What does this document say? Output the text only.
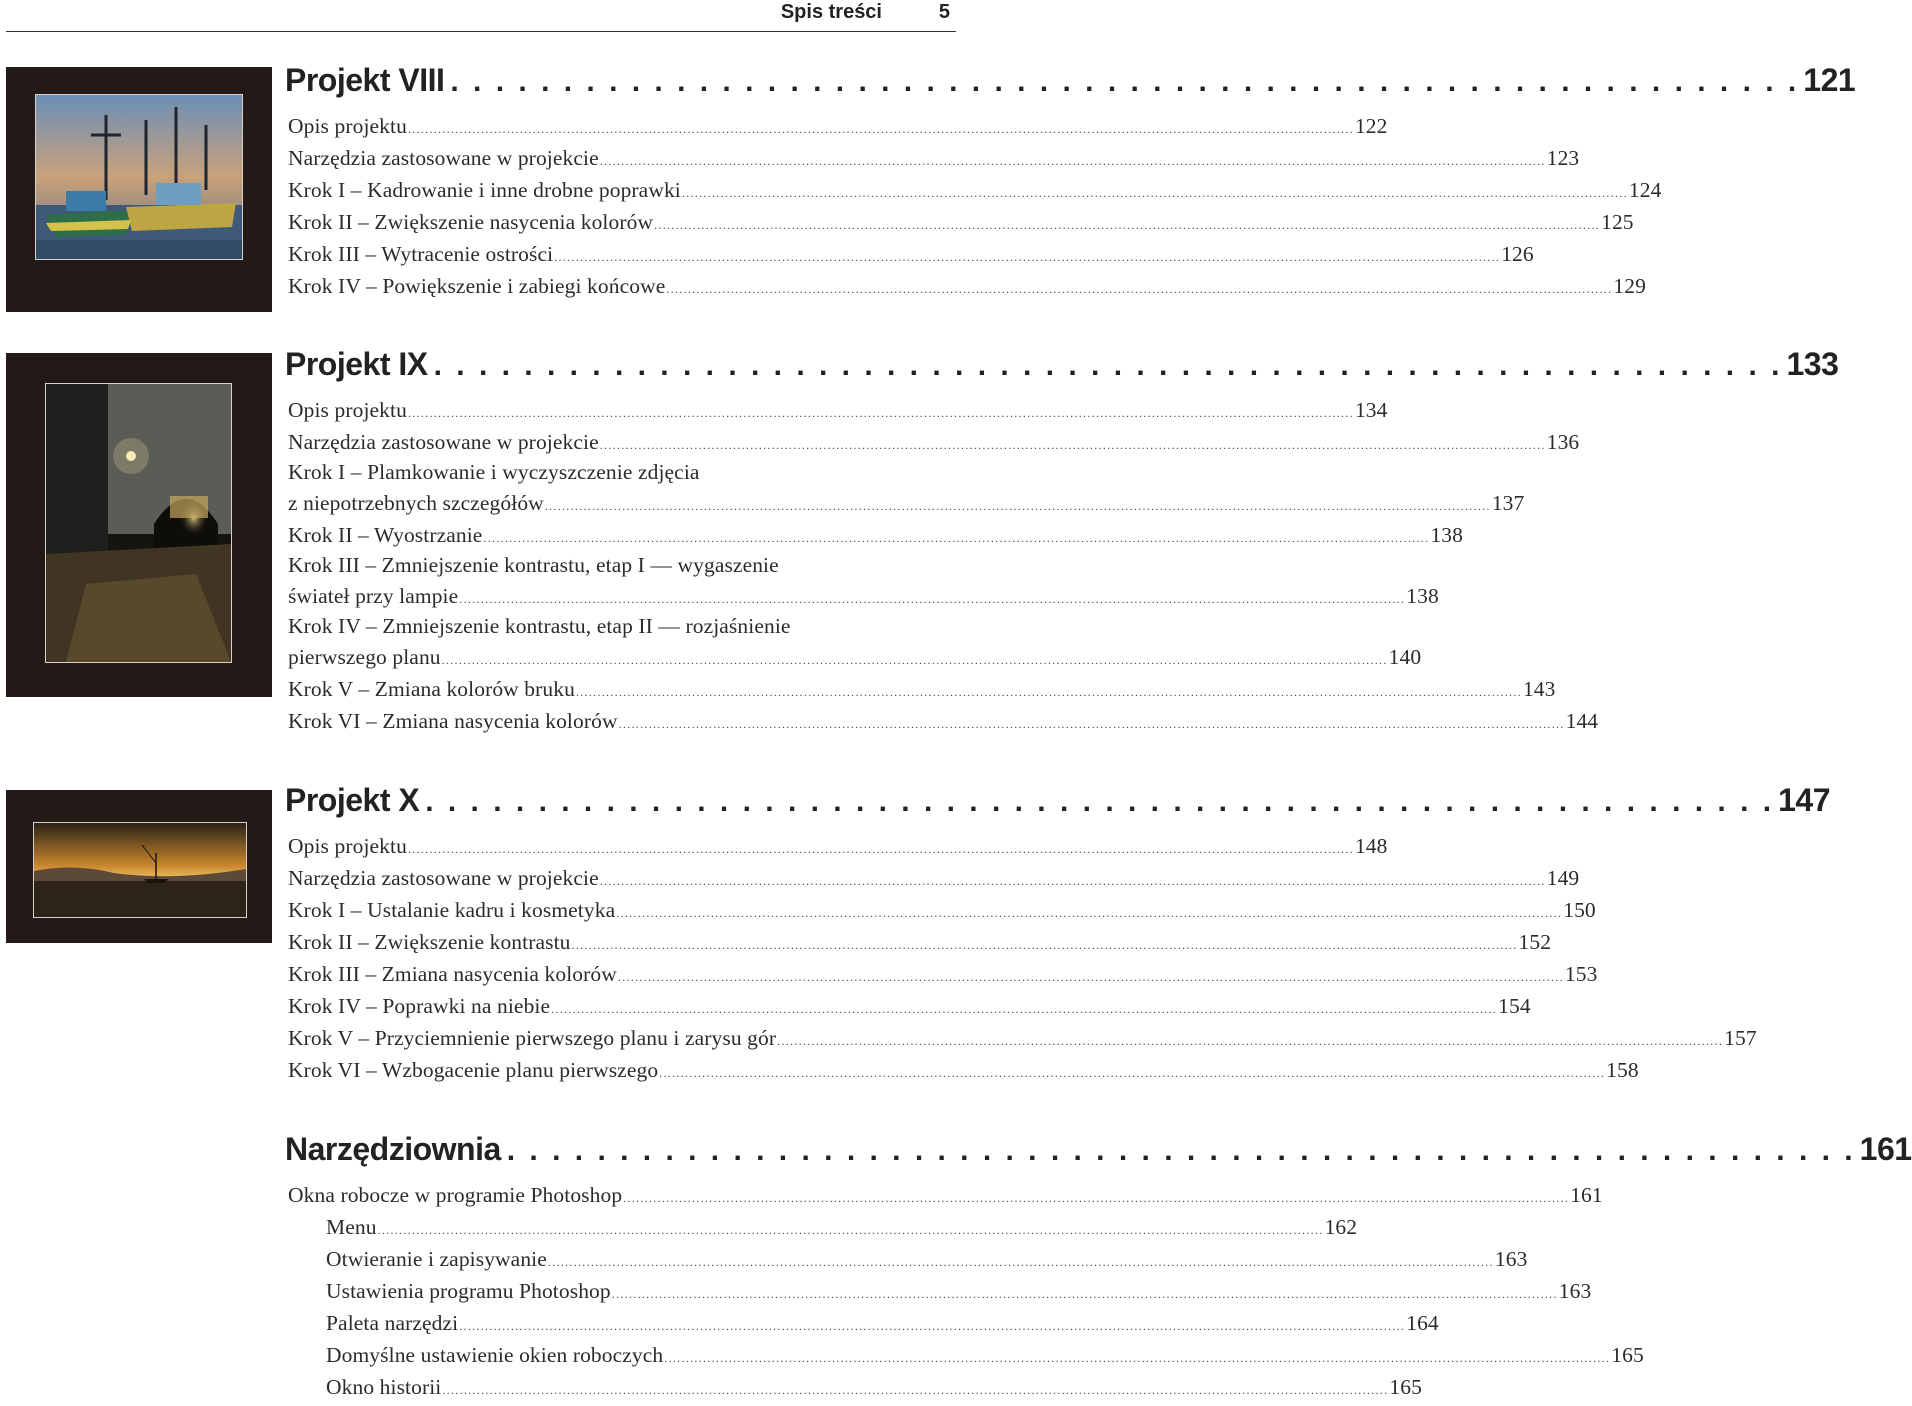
Spis treści	5
Projekt VIII . . . . . . . . . . . . . . . . . . . . . . . . . . . . . . . . . . . . . . . . . . . . . . . . . . . . . . . . . . . . 121
Opis projektu ............................................................................................................................................................................................................................ 122
Narzędzia zastosowane w projekcie ............................................................................................................................................................................................................................ 123
Krok I – Kadrowanie i inne drobne poprawki ............................................................................................................................................................................................................................ 124
Krok II – Zwiększenie nasycenia kolorów ............................................................................................................................................................................................................................ 125
Krok III – Wytracenie ostrości ............................................................................................................................................................................................................................ 126
Krok IV – Powiększenie i zabiegi końcowe ............................................................................................................................................................................................................................ 129
Projekt IX . . . . . . . . . . . . . . . . . . . . . . . . . . . . . . . . . . . . . . . . . . . . . . . . . . . . . . . . . . . . 133
Opis projektu ............................................................................................................................................................................................................................ 134
Narzędzia zastosowane w projekcie ............................................................................................................................................................................................................................ 136
Krok I – Plamkowanie i wyczyszczenie zdjęcia
z niepotrzebnych szczegółów ............................................................................................................................................................................................................................ 137
Krok II – Wyostrzanie ............................................................................................................................................................................................................................ 138
Krok III – Zmniejszenie kontrastu, etap I — wygaszenie
świateł przy lampie ............................................................................................................................................................................................................................ 138
Krok IV – Zmniejszenie kontrastu, etap II — rozjaśnienie
pierwszego planu ............................................................................................................................................................................................................................ 140
Krok V – Zmiana kolorów bruku ............................................................................................................................................................................................................................ 143
Krok VI – Zmiana nasycenia kolorów ............................................................................................................................................................................................................................ 144
Projekt X . . . . . . . . . . . . . . . . . . . . . . . . . . . . . . . . . . . . . . . . . . . . . . . . . . . . . . . . . . . . 147
Opis projektu ............................................................................................................................................................................................................................ 148
Narzędzia zastosowane w projekcie ............................................................................................................................................................................................................................ 149
Krok I – Ustalanie kadru i kosmetyka ............................................................................................................................................................................................................................ 150
Krok II – Zwiększenie kontrastu ............................................................................................................................................................................................................................ 152
Krok III – Zmiana nasycenia kolorów ............................................................................................................................................................................................................................ 153
Krok IV – Poprawki na niebie ............................................................................................................................................................................................................................ 154
Krok V – Przyciemnienie pierwszego planu i zarysu gór ............................................................................................................................................................................................................................ 157
Krok VI – Wzbogacenie planu pierwszego ............................................................................................................................................................................................................................ 158
Narzędziownia . . . . . . . . . . . . . . . . . . . . . . . . . . . . . . . . . . . . . . . . . . . . . . . . . . . . . . . . . . . . 161
Okna robocze w programie Photoshop ............................................................................................................................................................................................................................ 161
Menu ............................................................................................................................................................................................................................ 162
Otwieranie i zapisywanie ............................................................................................................................................................................................................................ 163
Ustawienia programu Photoshop ............................................................................................................................................................................................................................ 163
Paleta narzędzi ............................................................................................................................................................................................................................ 164
Domyślne ustawienie okien roboczych ............................................................................................................................................................................................................................ 165
Okno historii ............................................................................................................................................................................................................................ 165
